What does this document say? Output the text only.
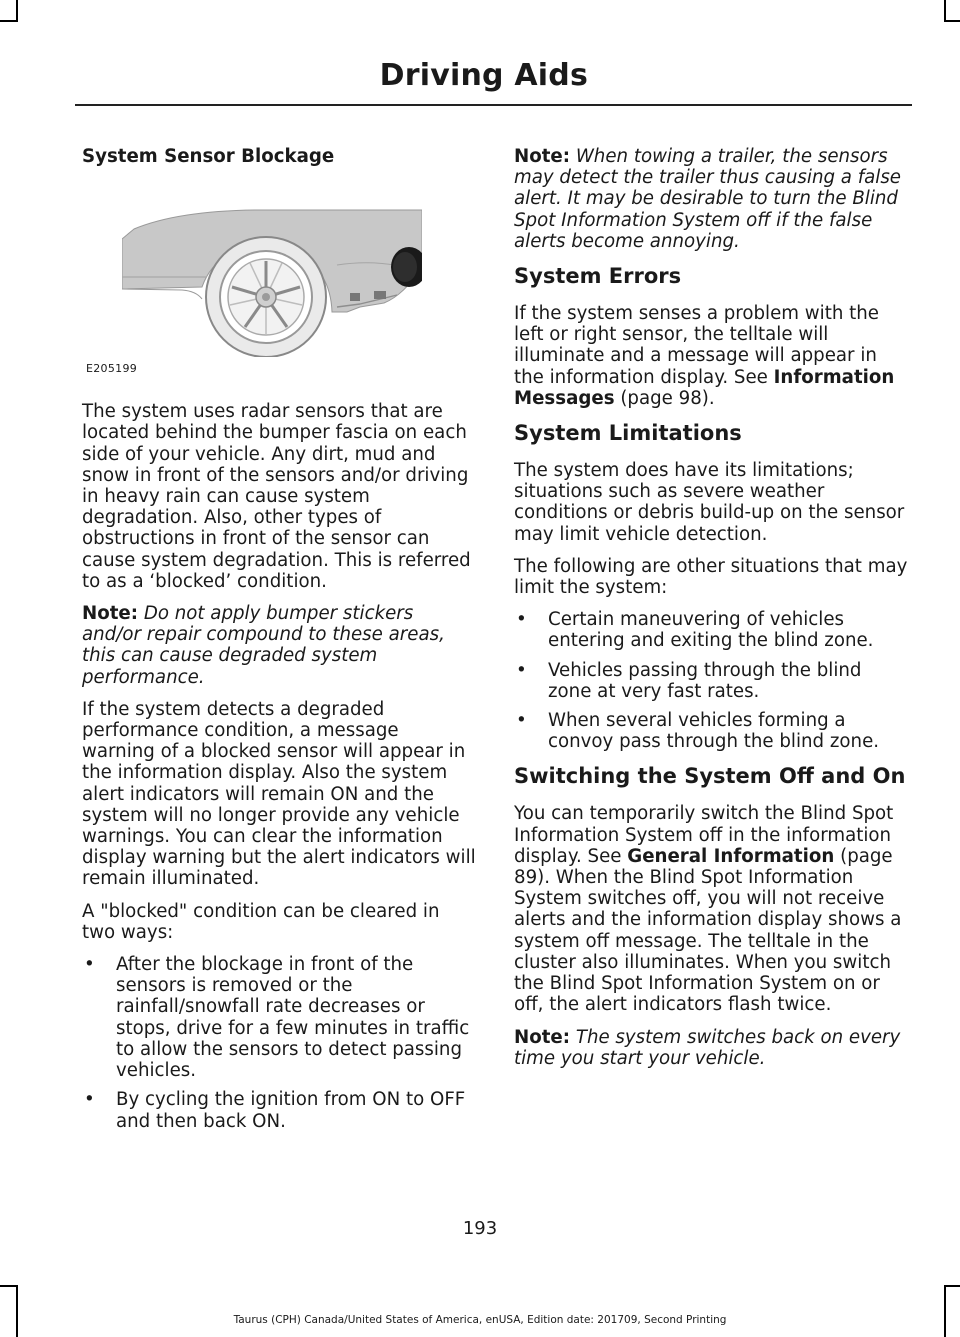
Driving Aids

System Sensor Blockage

E205199

The system uses radar sensors that are located behind the bumper fascia on each side of your vehicle. Any dirt, mud and snow in front of the sensors and/or driving in heavy rain can cause system degradation. Also, other types of obstructions in front of the sensor can cause system degradation. This is referred to as a ‘blocked’ condition.

Note: Do not apply bumper stickers and/or repair compound to these areas, this can cause degraded system performance.

If the system detects a degraded performance condition, a message warning of a blocked sensor will appear in the information display. Also the system alert indicators will remain ON and the system will no longer provide any vehicle warnings. You can clear the information display warning but the alert indicators will remain illuminated.

A "blocked" condition can be cleared in two ways:

• After the blockage in front of the sensors is removed or the rainfall/snowfall rate decreases or stops, drive for a few minutes in traffic to allow the sensors to detect passing vehicles.
• By cycling the ignition from ON to OFF and then back ON.

Note: When towing a trailer, the sensors may detect the trailer thus causing a false alert. It may be desirable to turn the Blind Spot Information System off if the false alerts become annoying.

System Errors

If the system senses a problem with the left or right sensor, the telltale will illuminate and a message will appear in the information display. See Information Messages (page 98).

System Limitations

The system does have its limitations; situations such as severe weather conditions or debris build-up on the sensor may limit vehicle detection.

The following are other situations that may limit the system:

• Certain maneuvering of vehicles entering and exiting the blind zone.
• Vehicles passing through the blind zone at very fast rates.
• When several vehicles forming a convoy pass through the blind zone.
Switching the System Off and On

You can temporarily switch the Blind Spot Information System off in the information display. See General Information (page 89). When the Blind Spot Information System switches off, you will not receive alerts and the information display shows a system off message. The telltale in the cluster also illuminates. When you switch the Blind Spot Information System on or off, the alert indicators flash twice.

Note: The system switches back on every time you start your vehicle.

193
Taurus (CPH) Canada/United States of America, enUSA, Edition date: 201709, Second Printing
